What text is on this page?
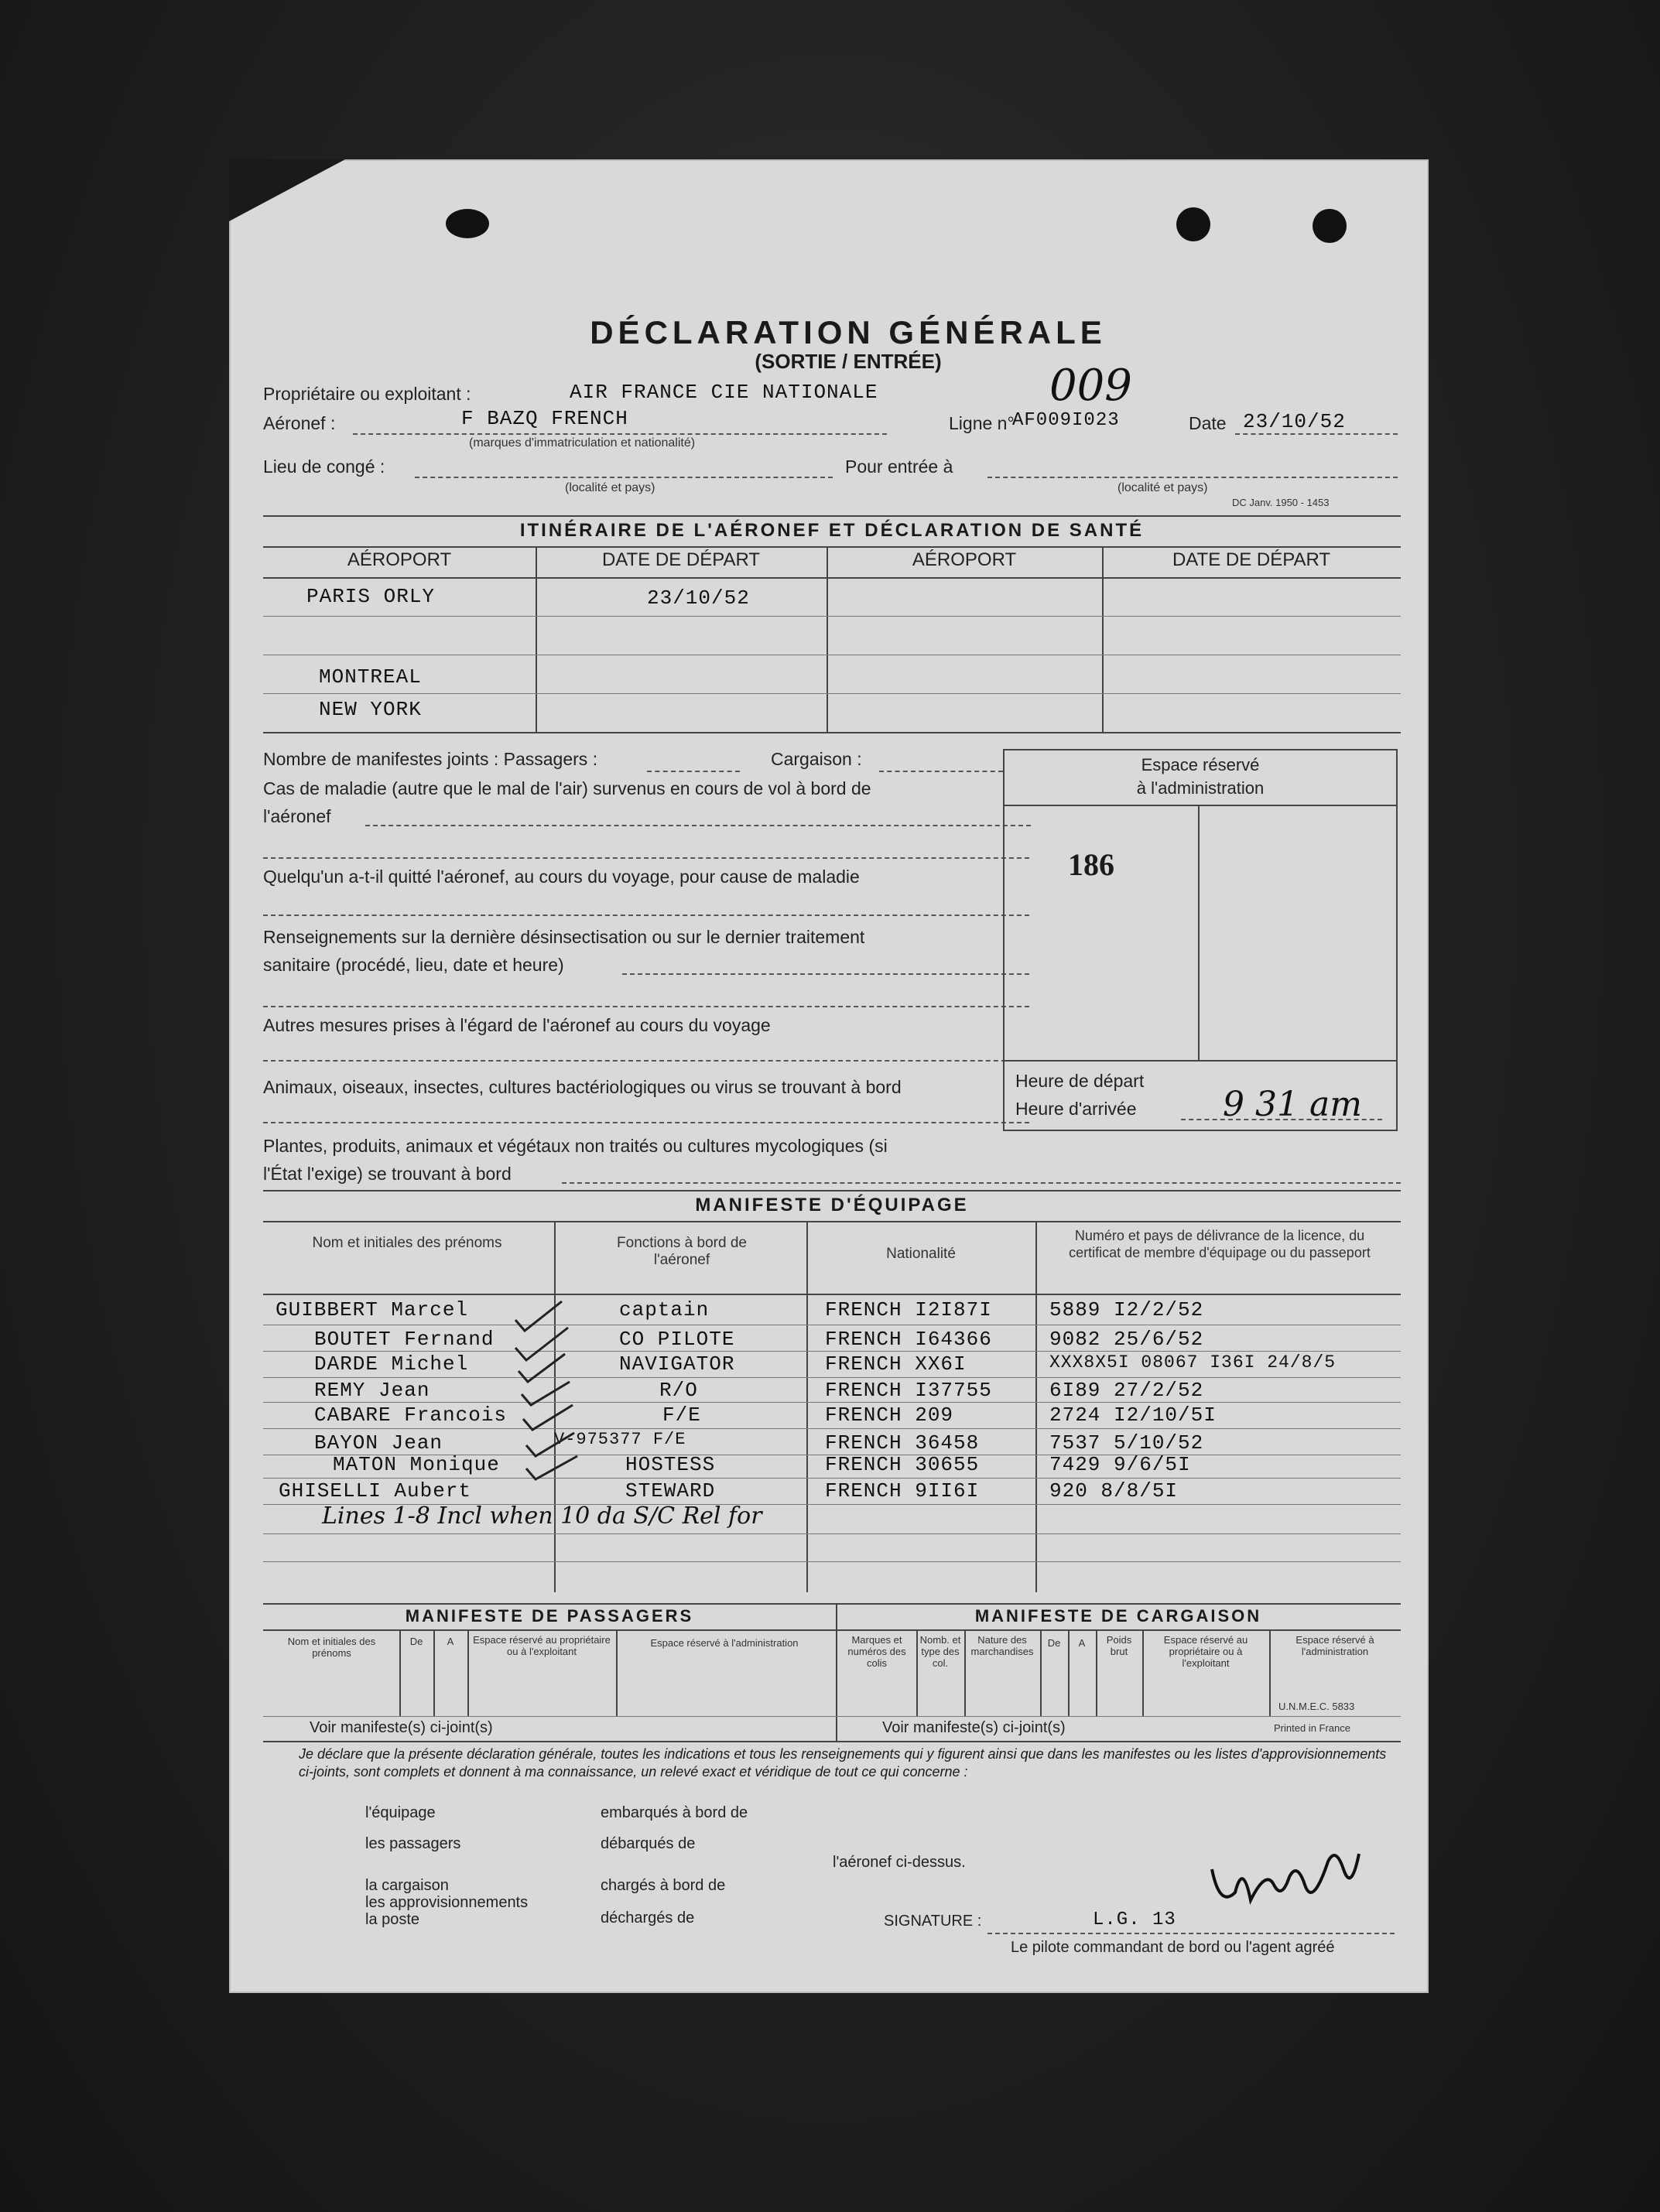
DÉCLARATION GÉNÉRALE
(SORTIE / ENTRÉE)	009
Propriétaire ou exploitant :	AIR FRANCE CIE NATIONALE
Aéronef :	F BAZQ FRENCH
(marques d'immatriculation et nationalité)
Ligne n°
AF009I023	Date 23/10/52
Lieu de congé :
(localité et pays)
Pour entrée à
(localité et pays)
DC Janv. 1950 - 1453
ITINÉRAIRE DE L'AÉRONEF ET DÉCLARATION DE SANTÉ
AÉROPORT	DATE DE DÉPART	AÉROPORT	DATE DE DÉPART
PARIS ORLY	23/10/52
MONTREAL
NEW YORK
Nombre de manifestes joints : Passagers :	Cargaison :
Cas de maladie (autre que le mal de l'air) survenus en cours de vol à bord de
l'aéronef
Quelqu'un a-t-il quitté l'aéronef, au cours du voyage, pour cause de maladie
Renseignements sur la dernière désinsectisation ou sur le dernier traitement
sanitaire (procédé, lieu, date et heure)
Autres mesures prises à l'égard de l'aéronef au cours du voyage
Animaux, oiseaux, insectes, cultures bactériologiques ou virus se trouvant à bord
Plantes, produits, animaux et végétaux non traités ou cultures mycologiques (si
l'État l'exige) se trouvant à bord
Espace réservé
à l'administration
186
Heure de départ
Heure d'arrivée	9 31 am
MANIFESTE D'ÉQUIPAGE
Nom et initiales des prénoms	Fonctions à bord de l'aéronef	Nationalité
Numéro et pays de délivrance de la licence, du certificat de membre d'équipage ou du passeport
GUIBBERT Marcel	captain	FRENCH I2I87I	5889 I2/2/52
BOUTET Fernand	CO PILOTE	FRENCH I64366	9082 25/6/52
DARDE Michel	NAVIGATOR	FRENCH XX6I	XXX8X5I 08067 I36I 24/8/5
REMY Jean	R/O	FRENCH I37755	6I89 27/2/52
CABARE Francois	F/E	FRENCH 209	2724 I2/10/5I
BAYON Jean	V-975377 F/E	FRENCH 36458	7537 5/10/52
MATON Monique	HOSTESS	FRENCH 30655	7429 9/6/5I
GHISELLI Aubert	STEWARD	FRENCH 9II6I	920 8/8/5I
Lines 1-8 Incl when 10 da S/C Rel for
MANIFESTE DE PASSAGERS	MANIFESTE DE CARGAISON
Nom et initiales des prénoms
De	A	Espace réservé au propriétaire ou à l'exploitant
Espace réservé à l'administration
Voir manifeste(s) ci-joint(s)
Marques et numéros des colis
Nomb. et type des col.
Nature des marchandises
De	A	Poids brut
Espace réservé au propriétaire ou à l'exploitant
Espace réservé à l'administration
U.N.M.E.C. 5833
Voir manifeste(s) ci-joint(s)	Printed in France
Je déclare que la présente déclaration générale, toutes les indications et tous les renseignements qui y figurent ainsi que dans les manifestes ou les listes d'approvisionnements ci-joints, sont complets et donnent à ma connaissance, un relevé exact et véridique de tout ce qui concerne :
l'équipage
les passagers
la cargaison
les approvisionnements
la poste
embarqués à bord de
débarqués de
chargés à bord de
déchargés de
l'aéronef ci-dessus.
SIGNATURE :	L.G. 13
Le pilote commandant de bord ou l'agent agréé
